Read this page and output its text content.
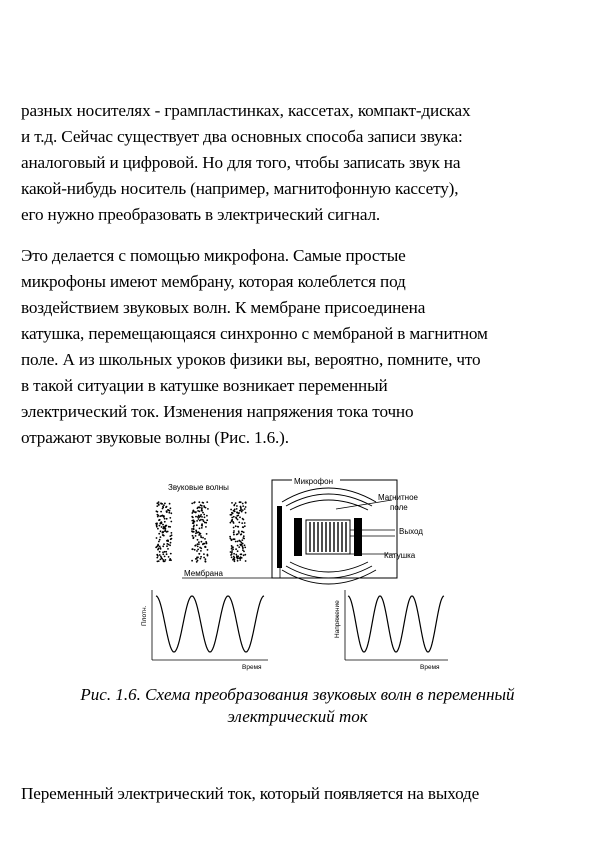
разных носителях - грампластинках, кассетах, компакт-дисках
и т.д. Сейчас существует два основных способа записи звука:
аналоговый и цифровой. Но для того, чтобы записать звук на
какой-нибудь носитель (например, магнитофонную кассету),
его нужно преобразовать в электрический сигнал.
Это делается с помощью микрофона. Самые простые
микрофоны имеют мембрану, которая колеблется под
воздействием звуковых волн. К мембране присоединена
катушка, перемещающаяся синхронно с мембраной в магнитном
поле. А из школьных уроков физики вы, вероятно, помните, что
в такой ситуации в катушке возникает переменный
электрический ток. Изменения напряжения тока точно
отражают звуковые волны (Рис. 1.6.).
Звуковые волны
Микрофон
Магнитное
поле
Выход
Катушка
Мембрана
Плотн.
Время
Напряжение
Время
Рис. 1.6. Схема преобразования звуковых волн в переменный
электрический ток
Переменный электрический ток, который появляется на выходе
